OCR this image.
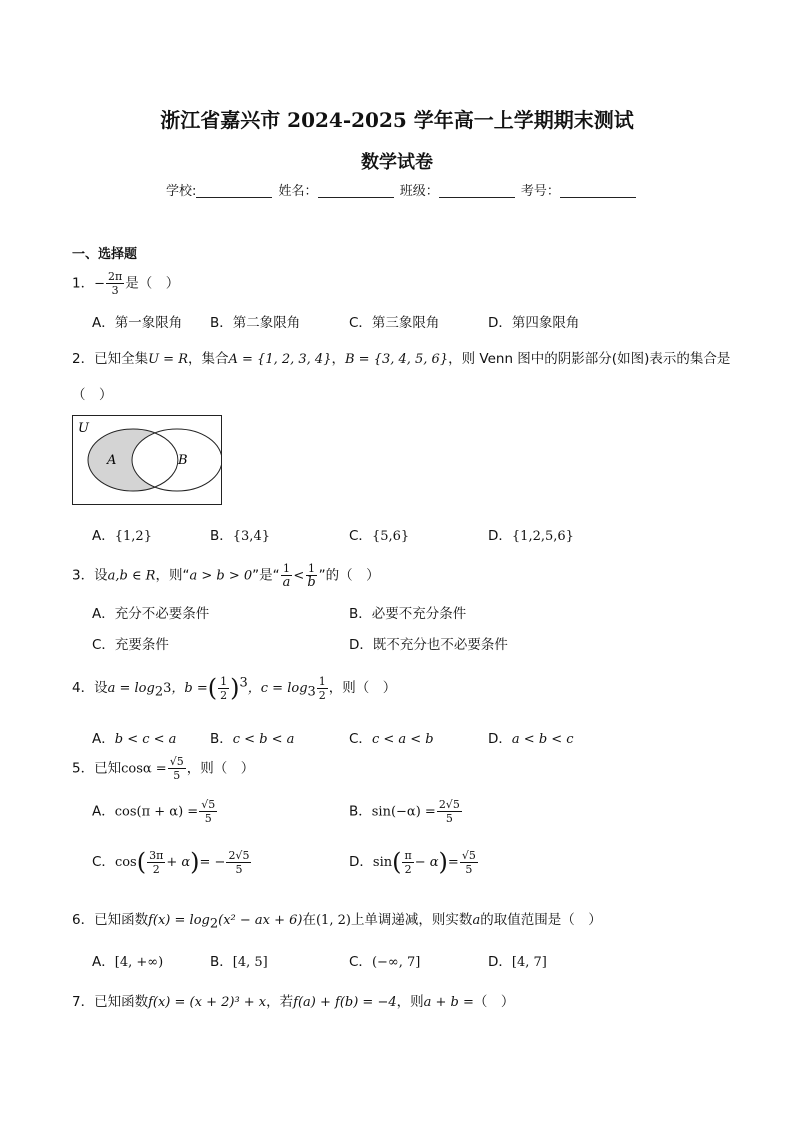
浙江省嘉兴市 2024-2025 学年高一上学期期末测试
数学试卷
学校:	姓名：	班级：	考号：
一、选择题
1．− $\frac{2\pi}{3}$ 是（　）
A．第一象限角 B．第二象限角	C．第三象限角	D．第四象限角
2．已知全集U = R，集合A = {1, 2, 3, 4}，B = {3, 4, 5, 6}，则 Venn 图中的阴影部分(如图)表示的集合是
（　）
U
A	B
A．{1,2}	B．{3,4}	C．{5,6}	D．{1,2,5,6}
3．设a,b ∈ R，则“a > b > 0”是“ $\frac{1}{a} < \frac{1}{b}$ ”的（　）
A．充分不必要条件	B．必要不充分条件
C．充要条件	D．既不充分也不必要条件
4．设$a = \log_23$，b =( $\frac{1}{2} )^3$，$c = \log_3 \frac{1}{2}$ ，则（　）
A．b < c < a B．c < b < a	C．c < a < b	D．a < b < c
5．已知$\cos\alpha = \frac{√5}{5}$ ，则（　）
A．$\cos(\pi + \alpha) = \frac{√5}{5}$	B．$\sin(-\alpha) = \frac{2√5}{5}$
C．$\cos( \frac{3\pi}{2} + \alpha)= - \frac{2√5}{5}$	D．$\sin( \frac{\pi}{2} - \alpha)= \frac{√5}{5}$
6．已知函数$f(x) = \log_2(x^2$ − ax + 6)在(1, 2)上单调递减，则实数a的取值范围是（　）
A．[4, +∞)	B．[4, 5]	C．(−∞, 7]	D．[4, 7]
7．已知函数f(x) = (x + 2)³ + x，若f(a) + f(b) = −4，则a + b =（　）
